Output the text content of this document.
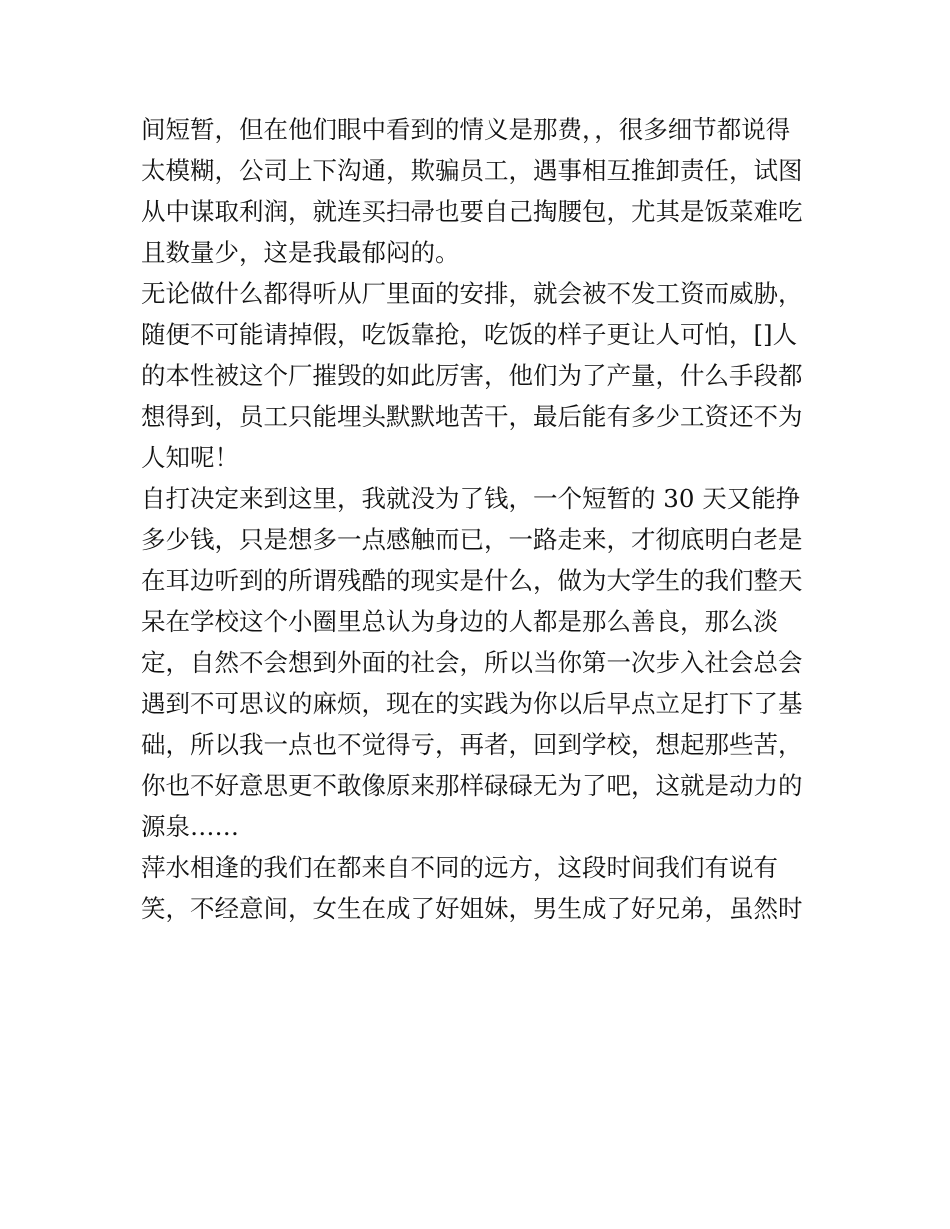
间短暂，但在他们眼中看到的情义是那费，，很多细节都说得
太模糊，公司上下沟通，欺骗员工，遇事相互推卸责任，试图
从中谋取利润，就连买扫帚也要自己掏腰包，尤其是饭菜难吃
且数量少，这是我最郁闷的。
无论做什么都得听从厂里面的安排，就会被不发工资而威胁，
随便不可能请掉假，吃饭靠抢，吃饭的样子更让人可怕，[]人
的本性被这个厂摧毁的如此厉害，他们为了产量，什么手段都
想得到，员工只能埋头默默地苦干，最后能有多少工资还不为
人知呢！
自打决定来到这里，我就没为了钱，一个短暂的 30 天又能挣
多少钱，只是想多一点感触而已，一路走来，才彻底明白老是
在耳边听到的所谓残酷的现实是什么，做为大学生的我们整天
呆在学校这个小圈里总认为身边的人都是那么善良，那么淡
定，自然不会想到外面的社会，所以当你第一次步入社会总会
遇到不可思议的麻烦，现在的实践为你以后早点立足打下了基
础，所以我一点也不觉得亏，再者，回到学校，想起那些苦，
你也不好意思更不敢像原来那样碌碌无为了吧，这就是动力的
源泉……
萍水相逢的我们在都来自不同的远方，这段时间我们有说有
笑，不经意间，女生在成了好姐妹，男生成了好兄弟，虽然时
